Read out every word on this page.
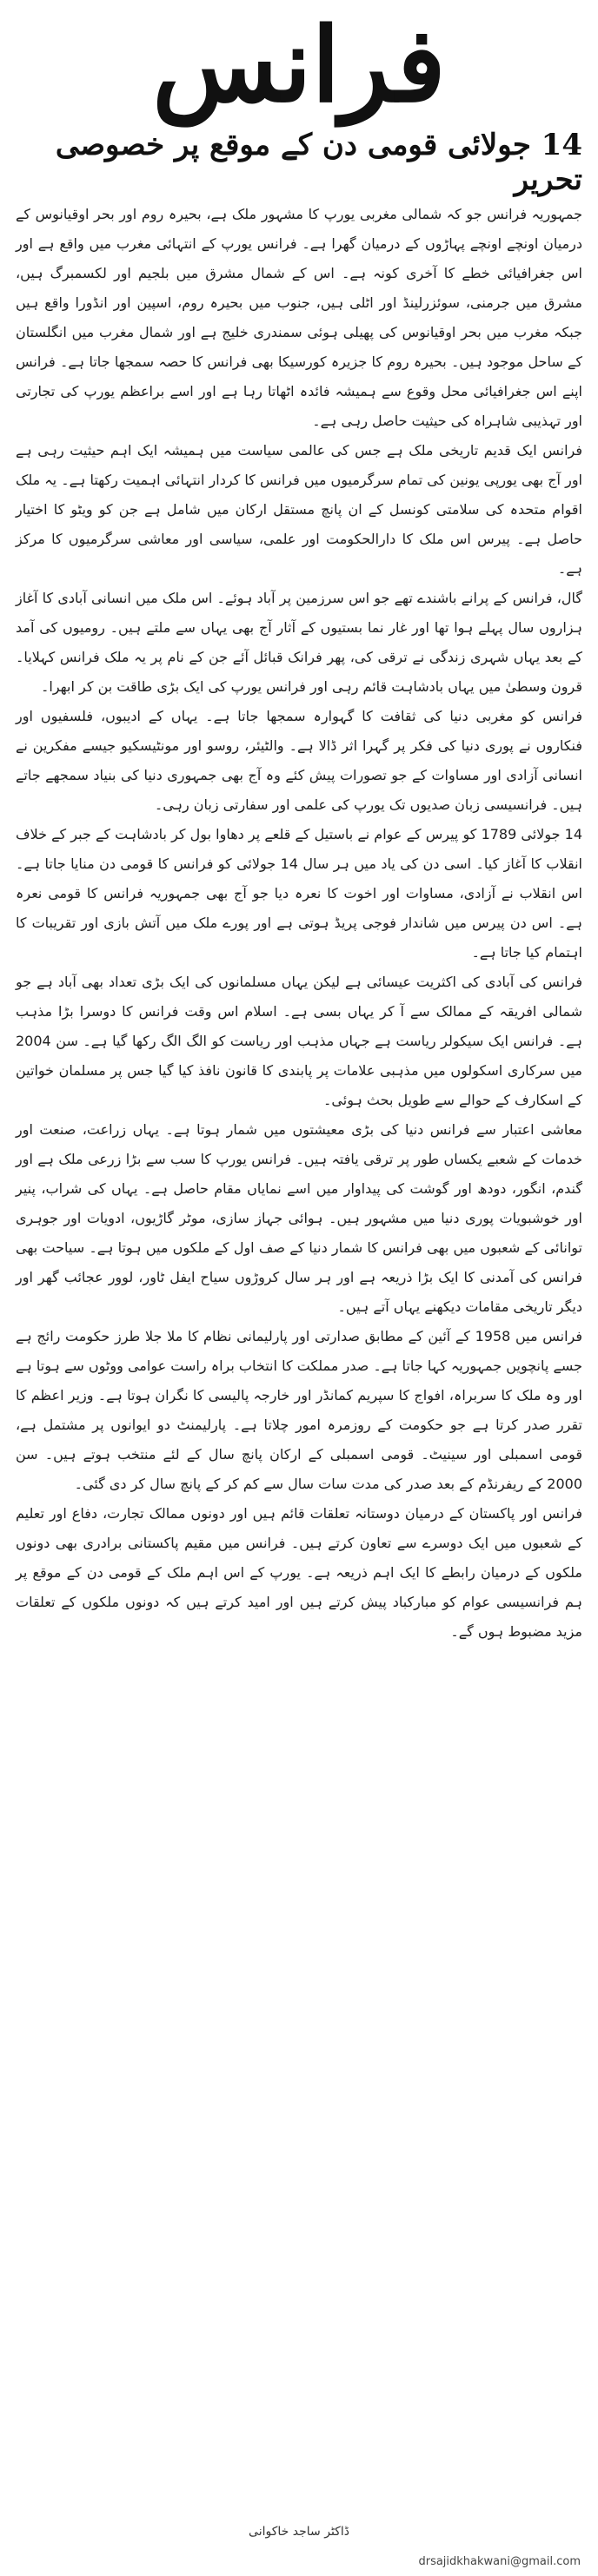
فرانس
14 جولائی قومی دن کے موقع پر خصوصی تحریر

جمہوریہ فرانس جو کہ شمالی مغربی یورپ کا مشہور ملک ہے، بحیرہ روم اور بحر اوقیانوس کے درمیان اونچے اونچے پہاڑوں کے درمیان گھرا ہے۔ فرانس یورپ کے انتہائی مغرب میں واقع ہے اور اس جغرافیائی خطے کا آخری کونہ ہے۔ اس کے شمال مشرق میں بلجیم اور لکسمبرگ ہیں، مشرق میں جرمنی، سوئزرلینڈ اور اٹلی ہیں، جنوب میں بحیرہ روم، اسپین اور انڈورا واقع ہیں جبکہ مغرب میں بحر اوقیانوس کی پھیلی ہوئی سمندری خلیج ہے اور شمال مغرب میں انگلستان کے ساحل موجود ہیں۔ بحیرہ روم کا جزیرہ کورسیکا بھی فرانس کا حصہ سمجھا جاتا ہے۔ فرانس اپنے اس جغرافیائی محل وقوع سے ہمیشہ فائدہ اٹھاتا رہا ہے اور اسے براعظم یورپ کی تجارتی اور تہذیبی شاہراہ کی حیثیت حاصل رہی ہے۔

فرانس ایک قدیم تاریخی ملک ہے جس کی عالمی سیاست میں ہمیشہ ایک اہم حیثیت رہی ہے اور آج بھی یورپی یونین کی تمام سرگرمیوں میں فرانس کا کردار انتہائی اہمیت رکھتا ہے۔ یہ ملک اقوام متحدہ کی سلامتی کونسل کے ان پانچ مستقل ارکان میں شامل ہے جن کو ویٹو کا اختیار حاصل ہے۔ پیرس اس ملک کا دارالحکومت اور علمی، سیاسی اور معاشی سرگرمیوں کا مرکز ہے۔

گال، فرانس کے پرانے باشندے تھے جو اس سرزمین پر آباد ہوئے۔ اس ملک میں انسانی آبادی کا آغاز ہزاروں سال پہلے ہوا تھا اور غار نما بستیوں کے آثار آج بھی یہاں سے ملتے ہیں۔ رومیوں کی آمد کے بعد یہاں شہری زندگی نے ترقی کی، پھر فرانک قبائل آئے جن کے نام پر یہ ملک فرانس کہلایا۔ قرون وسطیٰ میں یہاں بادشاہت قائم رہی اور فرانس یورپ کی ایک بڑی طاقت بن کر ابھرا۔

فرانس کو مغربی دنیا کی ثقافت کا گہوارہ سمجھا جاتا ہے۔ یہاں کے ادیبوں، فلسفیوں اور فنکاروں نے پوری دنیا کی فکر پر گہرا اثر ڈالا ہے۔ والٹیئر، روسو اور مونٹیسکیو جیسے مفکرین نے انسانی آزادی اور مساوات کے جو تصورات پیش کئے وہ آج بھی جمہوری دنیا کی بنیاد سمجھے جاتے ہیں۔ فرانسیسی زبان صدیوں تک یورپ کی علمی اور سفارتی زبان رہی۔

14 جولائی 1789 کو پیرس کے عوام نے باستیل کے قلعے پر دھاوا بول کر بادشاہت کے جبر کے خلاف انقلاب کا آغاز کیا۔ اسی دن کی یاد میں ہر سال 14 جولائی کو فرانس کا قومی دن منایا جاتا ہے۔ اس انقلاب نے آزادی، مساوات اور اخوت کا نعرہ دیا جو آج بھی جمہوریہ فرانس کا قومی نعرہ ہے۔ اس دن پیرس میں شاندار فوجی پریڈ ہوتی ہے اور پورے ملک میں آتش بازی اور تقریبات کا اہتمام کیا جاتا ہے۔

فرانس کی آبادی کی اکثریت عیسائی ہے لیکن یہاں مسلمانوں کی ایک بڑی تعداد بھی آباد ہے جو شمالی افریقہ کے ممالک سے آ کر یہاں بسی ہے۔ اسلام اس وقت فرانس کا دوسرا بڑا مذہب ہے۔ فرانس ایک سیکولر ریاست ہے جہاں مذہب اور ریاست کو الگ الگ رکھا گیا ہے۔ سن 2004 میں سرکاری اسکولوں میں مذہبی علامات پر پابندی کا قانون نافذ کیا گیا جس پر مسلمان خواتین کے اسکارف کے حوالے سے طویل بحث ہوئی۔

معاشی اعتبار سے فرانس دنیا کی بڑی معیشتوں میں شمار ہوتا ہے۔ یہاں زراعت، صنعت اور خدمات کے شعبے یکساں طور پر ترقی یافتہ ہیں۔ فرانس یورپ کا سب سے بڑا زرعی ملک ہے اور گندم، انگور، دودھ اور گوشت کی پیداوار میں اسے نمایاں مقام حاصل ہے۔ یہاں کی شراب، پنیر اور خوشبویات پوری دنیا میں مشہور ہیں۔ ہوائی جہاز سازی، موٹر گاڑیوں، ادویات اور جوہری توانائی کے شعبوں میں بھی فرانس کا شمار دنیا کے صف اول کے ملکوں میں ہوتا ہے۔ سیاحت بھی فرانس کی آمدنی کا ایک بڑا ذریعہ ہے اور ہر سال کروڑوں سیاح ایفل ٹاور، لوور عجائب گھر اور دیگر تاریخی مقامات دیکھنے یہاں آتے ہیں۔

فرانس میں 1958 کے آئین کے مطابق صدارتی اور پارلیمانی نظام کا ملا جلا طرز حکومت رائج ہے جسے پانچویں جمہوریہ کہا جاتا ہے۔ صدر مملکت کا انتخاب براہ راست عوامی ووٹوں سے ہوتا ہے اور وہ ملک کا سربراہ، افواج کا سپریم کمانڈر اور خارجہ پالیسی کا نگران ہوتا ہے۔ وزیر اعظم کا تقرر صدر کرتا ہے جو حکومت کے روزمرہ امور چلاتا ہے۔ پارلیمنٹ دو ایوانوں پر مشتمل ہے، قومی اسمبلی اور سینیٹ۔ قومی اسمبلی کے ارکان پانچ سال کے لئے منتخب ہوتے ہیں۔ سن 2000 کے ریفرنڈم کے بعد صدر کی مدت سات سال سے کم کر کے پانچ سال کر دی گئی۔

فرانس اور پاکستان کے درمیان دوستانہ تعلقات قائم ہیں اور دونوں ممالک تجارت، دفاع اور تعلیم کے شعبوں میں ایک دوسرے سے تعاون کرتے ہیں۔ فرانس میں مقیم پاکستانی برادری بھی دونوں ملکوں کے درمیان رابطے کا ایک اہم ذریعہ ہے۔ یورپ کے اس اہم ملک کے قومی دن کے موقع پر ہم فرانسیسی عوام کو مبارکباد پیش کرتے ہیں اور امید کرتے ہیں کہ دونوں ملکوں کے تعلقات مزید مضبوط ہوں گے۔

ڈاکٹر ساجد خاکوانی
drsajidkhakwani@gmail.com
